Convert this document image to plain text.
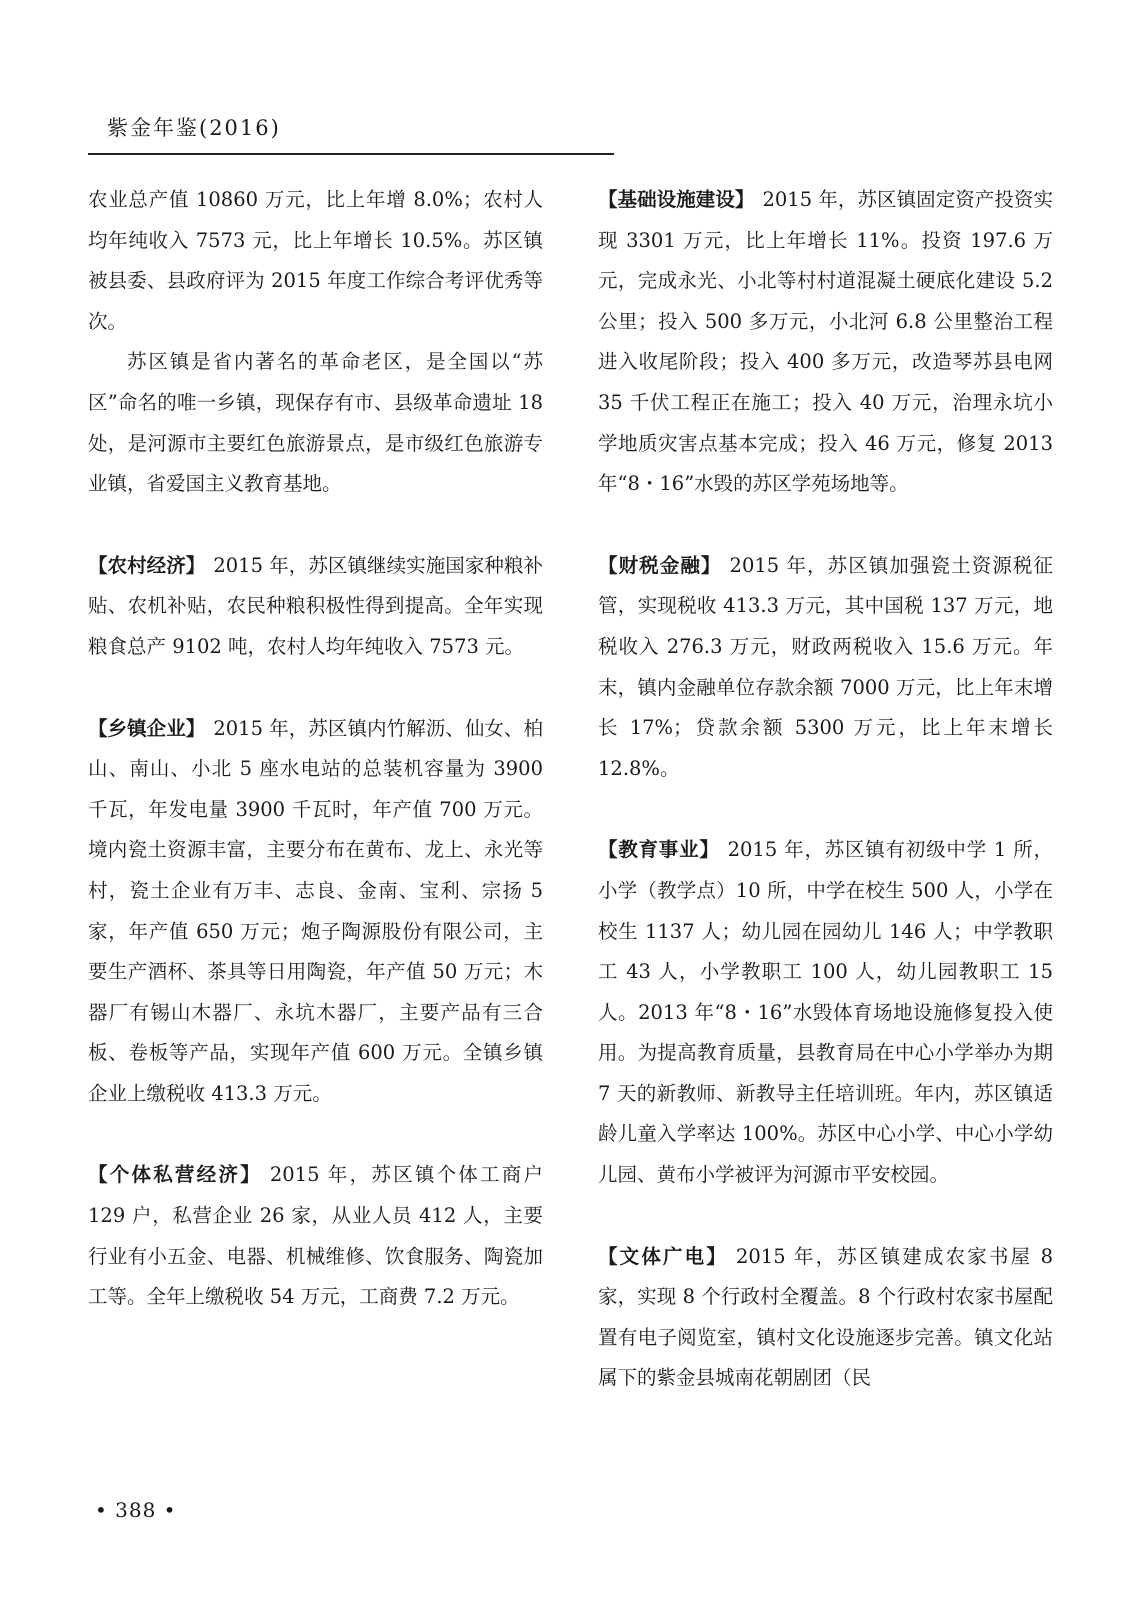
紫金年鉴(2016)

农业总产值 10860 万元，比上年增 8.0%；农村人均年纯收入 7573 元，比上年增长 10.5%。苏区镇被县委、县政府评为 2015 年度工作综合考评优秀等次。

苏区镇是省内著名的革命老区，是全国以“苏区”命名的唯一乡镇，现保存有市、县级革命遗址 18 处，是河源市主要红色旅游景点，是市级红色旅游专业镇，省爱国主义教育基地。

【农村经济】 2015 年，苏区镇继续实施国家种粮补贴、农机补贴，农民种粮积极性得到提高。全年实现粮食总产 9102 吨，农村人均年纯收入 7573 元。

【乡镇企业】 2015 年，苏区镇内竹解沥、仙女、柏山、南山、小北 5 座水电站的总装机容量为 3900 千瓦，年发电量 3900 千瓦时，年产值 700 万元。境内瓷土资源丰富，主要分布在黄布、龙上、永光等村，瓷土企业有万丰、志良、金南、宝利、宗扬 5 家，年产值 650 万元；炮子陶源股份有限公司，主要生产酒杯、茶具等日用陶瓷，年产值 50 万元；木器厂有锡山木器厂、永坑木器厂，主要产品有三合板、卷板等产品，实现年产值 600 万元。全镇乡镇企业上缴税收 413.3 万元。

【个体私营经济】 2015 年，苏区镇个体工商户 129 户，私营企业 26 家，从业人员 412 人，主要行业有小五金、电器、机械维修、饮食服务、陶瓷加工等。全年上缴税收 54 万元，工商费 7.2 万元。

【基础设施建设】 2015 年，苏区镇固定资产投资实现 3301 万元，比上年增长 11%。投资 197.6 万元，完成永光、小北等村村道混凝土硬底化建设 5.2 公里；投入 500 多万元，小北河 6.8 公里整治工程进入收尾阶段；投入 400 多万元，改造琴苏县电网 35 千伏工程正在施工；投入 40 万元，治理永坑小学地质灾害点基本完成；投入 46 万元，修复 2013 年“8・16”水毁的苏区学苑场地等。

【财税金融】 2015 年，苏区镇加强瓷土资源税征管，实现税收 413.3 万元，其中国税 137 万元，地税收入 276.3 万元，财政两税收入 15.6 万元。年末，镇内金融单位存款余额 7000 万元，比上年末增长 17%；贷款余额 5300 万元，比上年末增长 12.8%。

【教育事业】 2015 年，苏区镇有初级中学 1 所，小学（教学点）10 所，中学在校生 500 人，小学在校生 1137 人；幼儿园在园幼儿 146 人；中学教职工 43 人，小学教职工 100 人，幼儿园教职工 15 人。2013 年“8・16”水毁体育场地设施修复投入使用。为提高教育质量，县教育局在中心小学举办为期 7 天的新教师、新教导主任培训班。年内，苏区镇适龄儿童入学率达 100%。苏区中心小学、中心小学幼儿园、黄布小学被评为河源市平安校园。

【文体广电】 2015 年，苏区镇建成农家书屋 8 家，实现 8 个行政村全覆盖。8 个行政村农家书屋配置有电子阅览室，镇村文化设施逐步完善。镇文化站属下的紫金县城南花朝剧团（民

• 388 •
